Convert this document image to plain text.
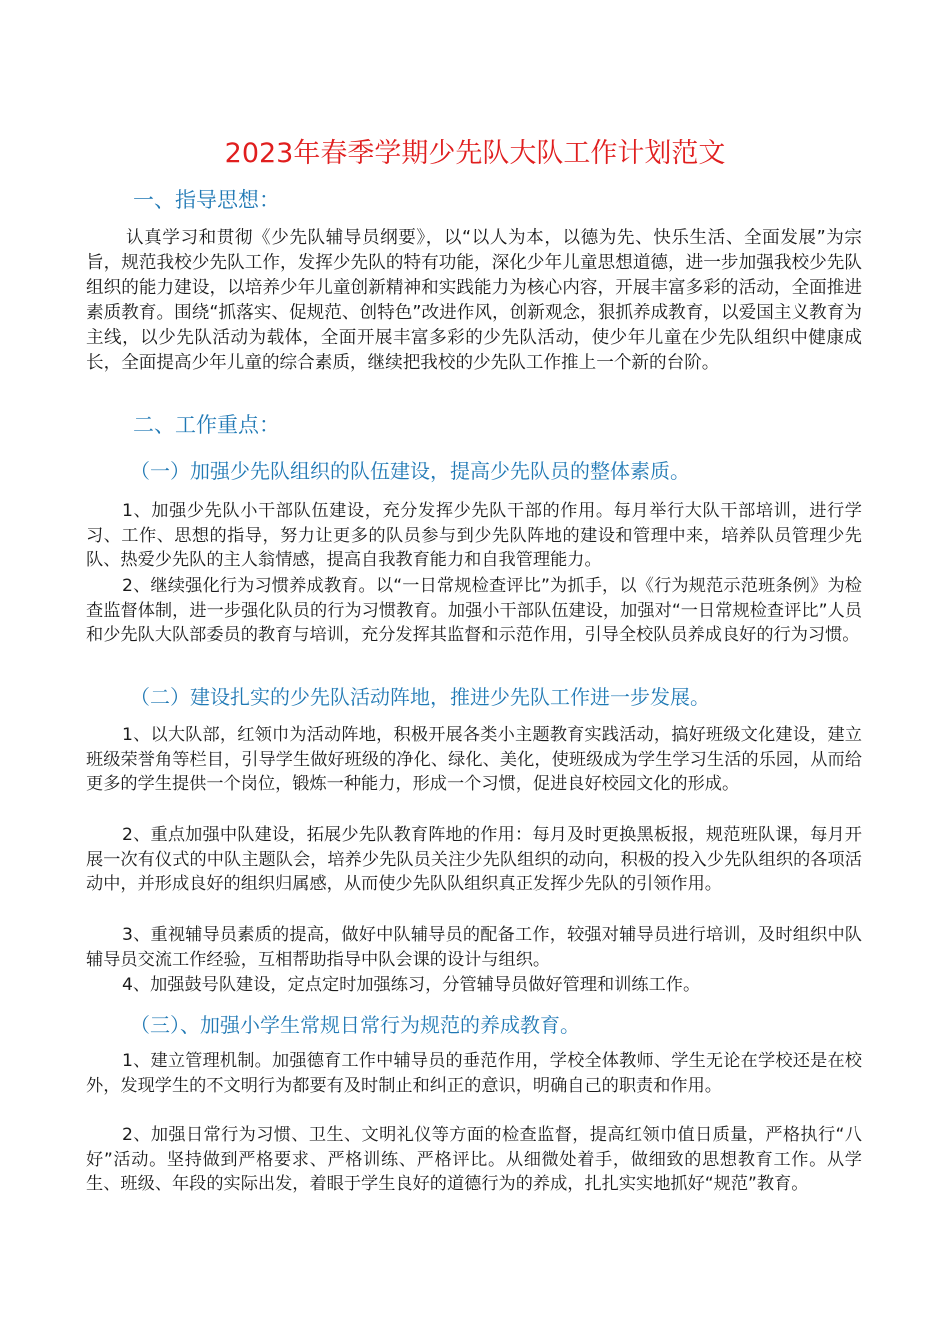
2023年春季学期少先队大队工作计划范文
一、指导思想：

认真学习和贯彻《少先队辅导员纲要》，以“以人为本，以德为先、快乐生活、全面发展”为宗旨，规范我校少先队工作，发挥少先队的特有功能，深化少年儿童思想道德，进一步加强我校少先队组织的能力建设，以培养少年儿童创新精神和实践能力为核心内容，开展丰富多彩的活动，全面推进素质教育。围绕“抓落实、促规范、创特色”改进作风，创新观念，狠抓养成教育，以爱国主义教育为主线，以少先队活动为载体，全面开展丰富多彩的少先队活动，使少年儿童在少先队组织中健康成长，全面提高少年儿童的综合素质，继续把我校的少先队工作推上一个新的台阶。

二、工作重点：
（一）加强少先队组织的队伍建设，提高少先队员的整体素质。

1、加强少先队小干部队伍建设，充分发挥少先队干部的作用。每月举行大队干部培训，进行学习、工作、思想的指导，努力让更多的队员参与到少先队阵地的建设和管理中来，培养队员管理少先队、热爱少先队的主人翁情感，提高自我教育能力和自我管理能力。

2、继续强化行为习惯养成教育。以“一日常规检查评比”为抓手，以《行为规范示范班条例》为检查监督体制，进一步强化队员的行为习惯教育。加强小干部队伍建设，加强对“一日常规检查评比”人员和少先队大队部委员的教育与培训，充分发挥其监督和示范作用，引导全校队员养成良好的行为习惯。

（二）建设扎实的少先队活动阵地，推进少先队工作进一步发展。

1、以大队部，红领巾为活动阵地，积极开展各类小主题教育实践活动，搞好班级文化建设，建立班级荣誉角等栏目，引导学生做好班级的净化、绿化、美化，使班级成为学生学习生活的乐园，从而给更多的学生提供一个岗位，锻炼一种能力，形成一个习惯，促进良好校园文化的形成。

2、重点加强中队建设，拓展少先队教育阵地的作用：每月及时更换黑板报，规范班队课，每月开展一次有仪式的中队主题队会，培养少先队员关注少先队组织的动向，积极的投入少先队组织的各项活动中，并形成良好的组织归属感，从而使少先队队组织真正发挥少先队的引领作用。

3、重视辅导员素质的提高，做好中队辅导员的配备工作，较强对辅导员进行培训，及时组织中队辅导员交流工作经验，互相帮助指导中队会课的设计与组织。

4、加强鼓号队建设，定点定时加强练习，分管辅导员做好管理和训练工作。

（三）、加强小学生常规日常行为规范的养成教育。

1、建立管理机制。加强德育工作中辅导员的垂范作用，学校全体教师、学生无论在学校还是在校外，发现学生的不文明行为都要有及时制止和纠正的意识，明确自己的职责和作用。

2、加强日常行为习惯、卫生、文明礼仪等方面的检查监督，提高红领巾值日质量，严格执行“八好”活动。坚持做到严格要求、严格训练、严格评比。从细微处着手，做细致的思想教育工作。从学生、班级、年段的实际出发，着眼于学生良好的道德行为的养成，扎扎实实地抓好“规范”教育。
